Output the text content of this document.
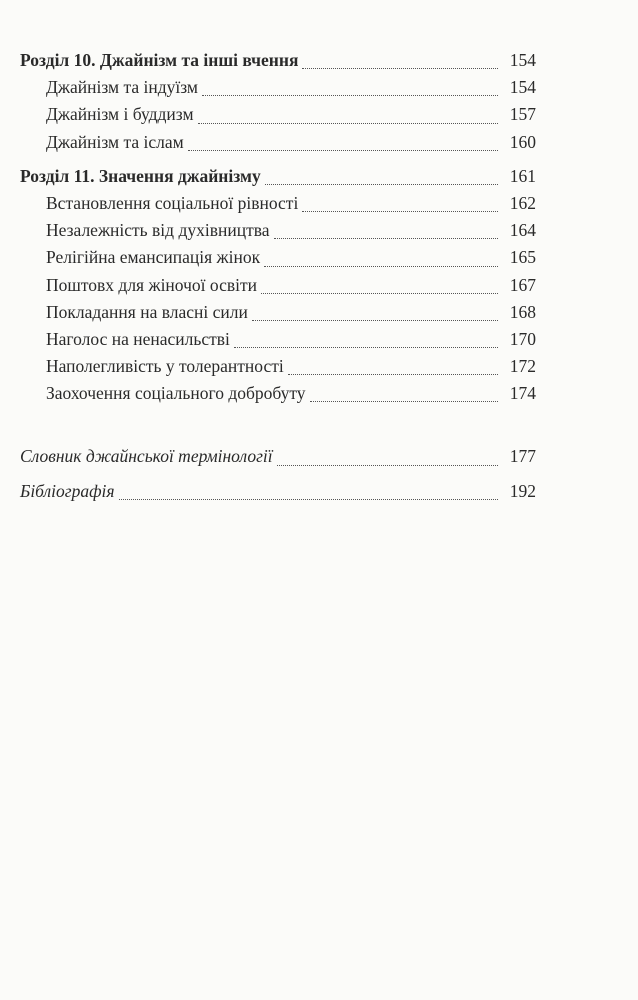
Розділ 10. Джайнізм та інші вчення	154
Джайнізм та індуїзм	154
Джайнізм і буддизм	157
Джайнізм та іслам	160
Розділ 11. Значення джайнізму	161
Встановлення соціальної рівності	162
Незалежність від духівництва	164
Релігійна емансипація жінок	165
Поштовх для жіночої освіти	167
Покладання на власні сили	168
Наголос на ненасильстві	170
Наполегливість у толерантності	172
Заохочення соціального добробуту	174
Словник джайнської термінології	177
Бібліографія	192
